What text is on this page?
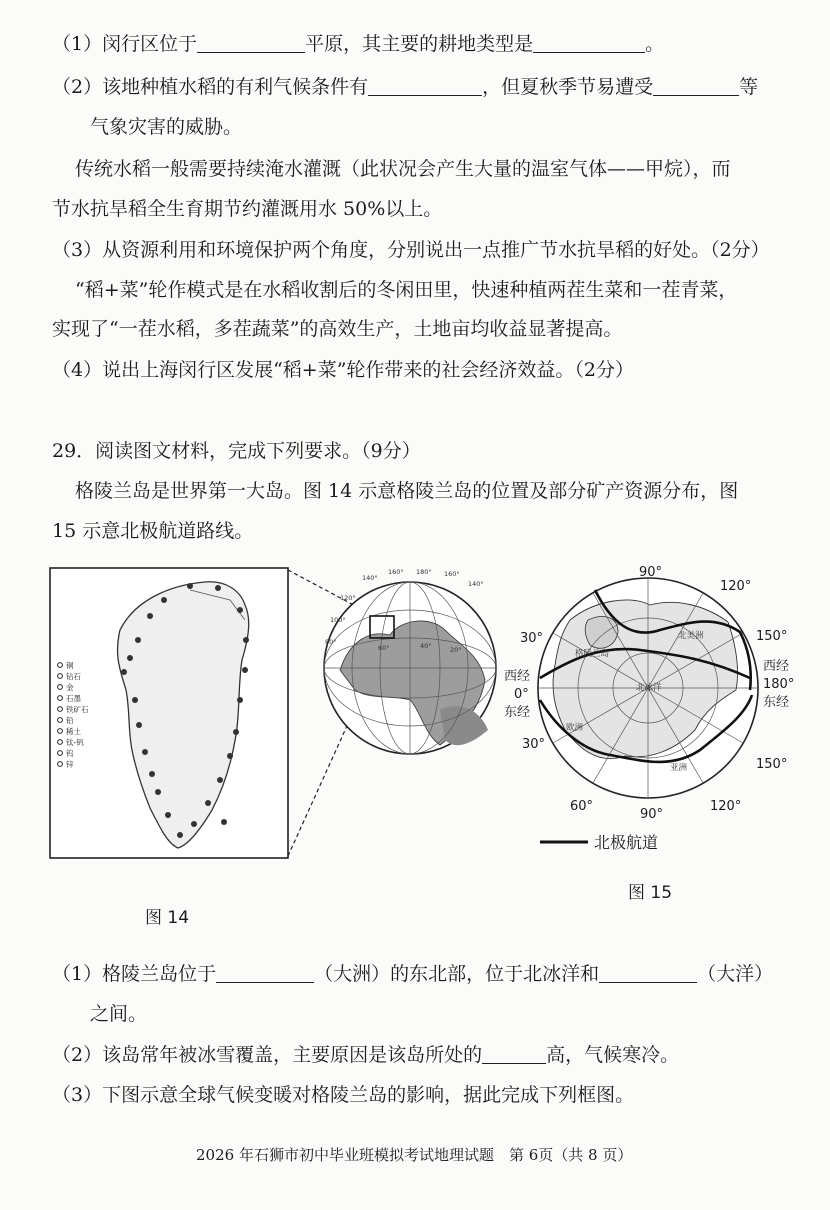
（1）闵行区位于	平原，其主要的耕地类型是	。
（2）该地种植水稻的有利气候条件有	，但夏秋季节易遭受	等
气象灾害的威胁。
传统水稻一般需要持续淹水灌溉（此状况会产生大量的温室气体——甲烷），而
节水抗旱稻全生育期节约灌溉用水 50%以上。
（3）从资源利用和环境保护两个角度，分别说出一点推广节水抗旱稻的好处。（2分）
“稻+菜”轮作模式是在水稻收割后的冬闲田里，快速种植两茬生菜和一茬青菜，
实现了“一茬水稻，多茬蔬菜”的高效生产，土地亩均收益显著提高。
（4）说出上海闵行区发展“稻+菜”轮作带来的社会经济效益。（2分）
29．阅读图文材料，完成下列要求。（9分）
格陵兰岛是世界第一大岛。图 14 示意格陵兰岛的位置及部分矿产资源分布，图
15 示意北极航道路线。
铜
钻石
金
石墨
铁矿石
铅
稀土
钛-钒
钨
锌
140°
160° 180° 160°
140°
120°
100°
80°
60°	40°	20°
图 14
90°
120°
150°
30°
西经
0°
东经
西经
180°
东经
30°
150°
60°
90°
120°
格陵兰岛
北冰洋
北美洲
欧洲
亚洲
北极航道
图 15
（1）格陵兰岛位于	（大洲）的东北部，位于北冰洋和	（大洋）
之间。
（2）该岛常年被冰雪覆盖，主要原因是该岛所处的	高，气候寒冷。
（3）下图示意全球气候变暖对格陵兰岛的影响，据此完成下列框图。
2026 年石狮市初中毕业班模拟考试地理试题　第 6页（共 8 页）
